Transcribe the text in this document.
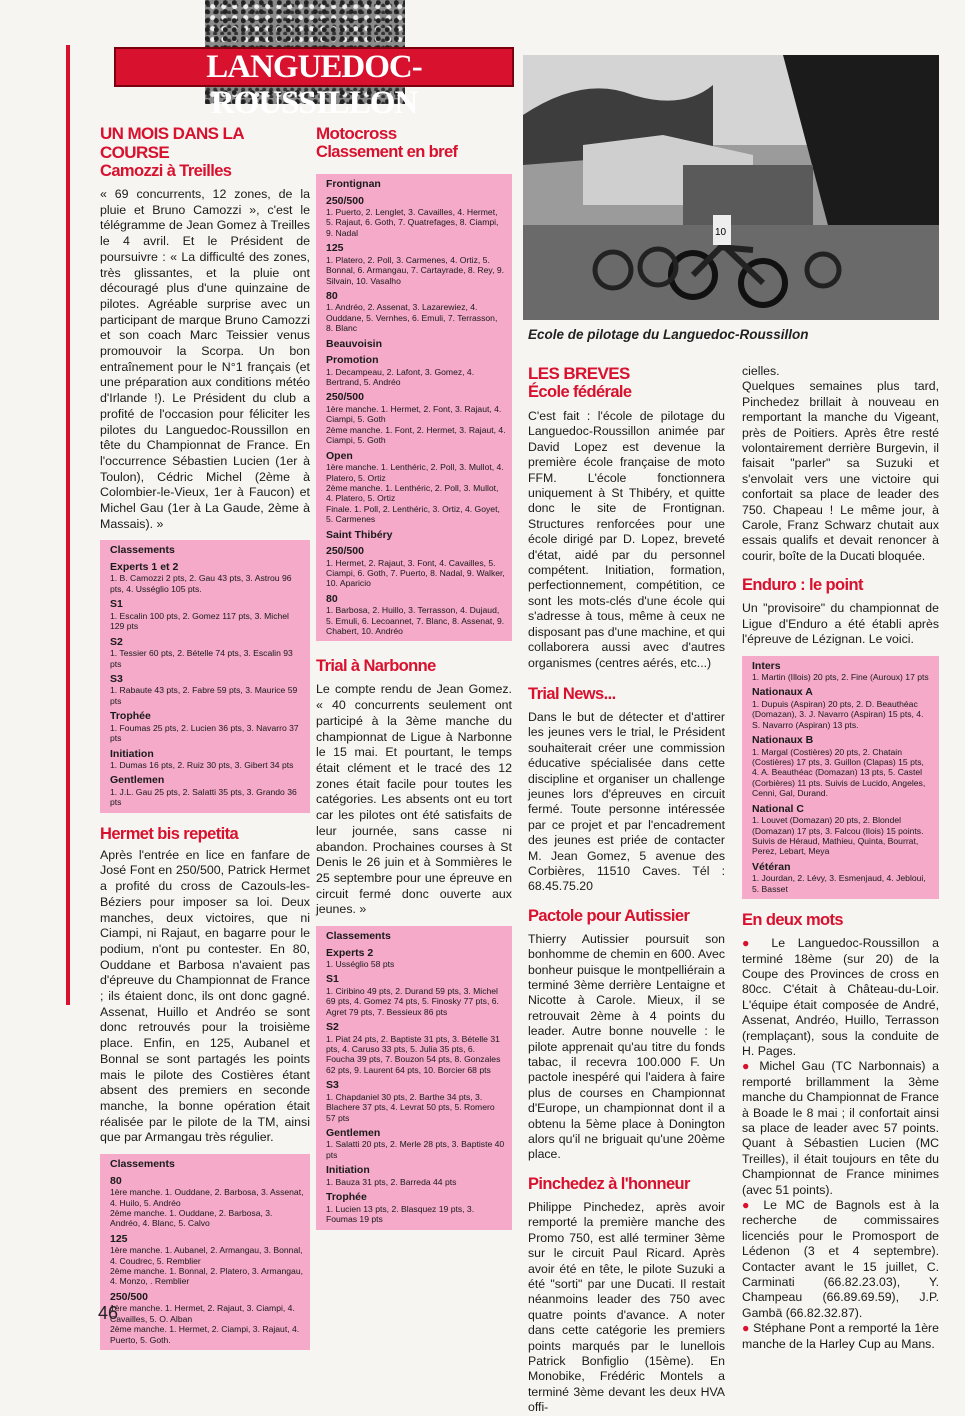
LANGUEDOC-ROUSSILLON
UN MOIS DANS LA COURSE
Camozzi à Treilles

« 69 concurrents, 12 zones, de la pluie et Bruno Camozzi », c'est le télégramme de Jean Gomez à Treilles le 4 avril. Et le Président de poursuivre : « La difficulté des zones, très glissantes, et la pluie ont découragé plus d'une quinzaine de pilotes. Agréable surprise avec un participant de marque Bruno Camozzi et son coach Marc Teissier venus promouvoir la Scorpa. Un bon entraînement pour le N°1 français (et une préparation aux conditions météo d'Irlande !). Le Président du club a profité de l'occasion pour féliciter les pilotes du Languedoc-Roussillon en tête du Championnat de France. En l'occurrence Sébastien Lucien (1er à Toulon), Cédric Michel (2ème à Colombier-le-Vieux, 1er à Faucon) et Michel Gau (1er à La Gaude, 2ème à Massais). »

Classements
Experts 1 et 2
1. B. Camozzi 2 pts, 2. Gau 43 pts, 3. Astrou 96 pts, 4. Usséglio 105 pts.
S1
1. Escalin 100 pts, 2. Gomez 117 pts, 3. Michel 129 pts
S2
1. Tessier 60 pts, 2. Bételle 74 pts, 3. Escalin 93 pts
S3
1. Rabaute 43 pts, 2. Fabre 59 pts, 3. Maurice 59 pts
Trophée
1. Foumas 25 pts, 2. Lucien 36 pts, 3. Navarro 37 pts
Initiation
1. Dumas 16 pts, 2. Ruiz 30 pts, 3. Gibert 34 pts
Gentlemen
1. J.L. Gau 25 pts, 2. Salatti 35 pts, 3. Grando 36 pts
Hermet bis repetita

Après l'entrée en lice en fanfare de José Font en 250/500, Patrick Hermet a profité du cross de Cazouls-les-Béziers pour imposer sa loi. Deux manches, deux victoires, que ni Ciampi, ni Rajaut, en bagarre pour le podium, n'ont pu contester. En 80, Ouddane et Barbosa n'avaient pas d'épreuve du Championnat de France ; ils étaient donc, ils ont donc gagné. Assenat, Huillo et Andréo se sont donc retrouvés pour la troisième place. Enfin, en 125, Aubanel et Bonnal se sont partagés les points mais le pilote des Costières étant absent des premiers en seconde manche, la bonne opération était réalisée par le pilote de la TM, ainsi que par Armangau très régulier.

Classements
80
1ère manche. 1. Ouddane, 2. Barbosa, 3. Assenat, 4. Huilo, 5. Andréo
2ème manche. 1. Ouddane, 2. Barbosa, 3. Andréo, 4. Blanc, 5. Calvo
125
1ère manche. 1. Aubanel, 2. Armangau, 3. Bonnal, 4. Coudrec, 5. Remblier
2ème manche. 1. Bonnal, 2. Platero, 3. Armangau, 4. Monzo, . Remblier
250/500
1ère manche. 1. Hermet, 2. Rajaut, 3. Ciampi, 4. Cavailles, 5. O. Alban
2ème manche. 1. Hermet, 2. Ciampi, 3. Rajaut, 4. Puerto, 5. Goth.
Motocross
Classement en bref
Frontignan
250/500
1. Puerto, 2. Lenglet, 3. Cavailles, 4. Hermet, 5. Rajaut, 6. Goth, 7. Quatrefages, 8. Ciampi, 9. Nadal
125
1. Platero, 2. Poll, 3. Carmenes, 4. Ortiz, 5. Bonnal, 6. Armangau, 7. Cartayrade, 8. Rey, 9. Silvain, 10. Vasalho
80
1. Andréo, 2. Assenat, 3. Lazarewiez, 4. Ouddane, 5. Vernhes, 6. Emuli, 7. Terrasson, 8. Blanc
Beauvoisin
Promotion
1. Decampeau, 2. Lafont, 3. Gomez, 4. Bertrand, 5. Andréo
250/500
1ère manche. 1. Hermet, 2. Font, 3. Rajaut, 4. Ciampi, 5. Goth
2ème manche. 1. Font, 2. Hermet, 3. Rajaut, 4. Ciampi, 5. Goth
Open
1ère manche. 1. Lenthéric, 2. Poll, 3. Mullot, 4. Platero, 5. Ortiz
2ème manche. 1. Lenthéric, 2. Poll, 3. Mullot, 4. Platero, 5. Ortiz
Finale. 1. Poll, 2. Lenthéric, 3. Ortiz, 4. Goyet, 5. Carmenes
Saint Thibéry
250/500
1. Hermet, 2. Rajaut, 3. Font, 4. Cavailles, 5. Ciampi, 6. Goth, 7. Puerto, 8. Nadal, 9. Walker, 10. Aparicio
80
1. Barbosa, 2. Huillo, 3. Terrasson, 4. Dujaud, 5. Emuli, 6. Lecoannet, 7. Blanc, 8. Assenat, 9. Chabert, 10. Andréo
Trial à Narbonne

Le compte rendu de Jean Gomez. « 40 concurrents seulement ont participé à la 3ème manche du championnat de Ligue à Narbonne le 15 mai. Et pourtant, le temps était clément et le tracé des 12 zones était facile pour toutes les catégories. Les absents ont eu tort car les pilotes ont été satisfaits de leur journée, sans casse ni abandon. Prochaines courses à St Denis le 26 juin et à Sommières le 25 septembre pour une épreuve en circuit fermé donc ouverte aux jeunes. »

Classements
Experts 2
1. Usséglio 58 pts
S1
1. Ciribino 49 pts, 2. Durand 59 pts, 3. Michel 69 pts, 4. Gomez 74 pts, 5. Finosky 77 pts, 6. Agret 79 pts, 7. Bessieux 86 pts
S2
1. Piat 24 pts, 2. Baptiste 31 pts, 3. Bételle 31 pts, 4. Caruso 33 pts, 5. Julia 35 pts, 6. Foucha 39 pts, 7. Bouzon 54 pts, 8. Gonzales 62 pts, 9. Laurent 64 pts, 10. Borcier 68 pts
S3
1. Chapdaniel 30 pts, 2. Barthe 34 pts, 3. Blachere 37 pts, 4. Levrat 50 pts, 5. Romero 57 pts
Gentlemen
1. Salatti 20 pts, 2. Merle 28 pts, 3. Baptiste 40 pts
Initiation
1. Bauza 31 pts, 2. Barreda 44 pts
Trophée
1. Lucien 13 pts, 2. Blasquez 19 pts, 3. Foumas 19 pts
10
Ecole de pilotage du Languedoc-Roussillon
LES BREVES
École fédérale

C'est fait : l'école de pilotage du Languedoc-Roussillon animée par David Lopez est devenue la première école française de moto FFM. L'école fonctionnera uniquement à St Thibéry, et quitte donc le site de Frontignan. Structures renforcées pour une école dirigé par D. Lopez, breveté d'état, aidé par du personnel compétent. Initiation, formation, perfectionnement, compétition, ce sont les mots-clés d'une école qui s'adresse à tous, même à ceux ne disposant pas d'une machine, et qui collaborera aussi avec d'autres organismes (centres aérés, etc...)

Trial News...

Dans le but de détecter et d'attirer les jeunes vers le trial, le Président souhaiterait créer une commission éducative spécialisée dans cette discipline et organiser un challenge jeunes lors d'épreuves en circuit fermé. Toute personne intéressée par ce projet et par l'encadrement des jeunes est priée de contacter M. Jean Gomez, 5 avenue des Corbières, 11510 Caves. Tél : 68.45.75.20

Pactole pour Autissier

Thierry Autissier poursuit son bonhomme de chemin en 600. Avec bonheur puisque le montpelliérain a terminé 3ème derrière Lentaigne et Nicotte à Carole. Mieux, il se retrouvait 2ème à 4 points du leader. Autre bonne nouvelle : le pilote apprenait qu'au titre du fonds tabac, il recevra 100.000 F. Un pactole inespéré qui l'aidera à faire plus de courses en Championnat d'Europe, un championnat dont il a obtenu la 5ème place à Donington alors qu'il ne briguait qu'une 20ème place.

Pinchedez à l'honneur

Philippe Pinchedez, après avoir remporté la première manche des Promo 750, est allé terminer 3ème sur le circuit Paul Ricard. Après avoir été en tête, le pilote Suzuki a été "sorti" par une Ducati. Il restait néanmoins leader des 750 avec quatre points d'avance. A noter dans cette catégorie les premiers points marqués par le lunellois Patrick Bonfiglio (15ème). En Monobike, Frédéric Montels a terminé 3ème devant les deux HVA offi-

cielles.
Quelques semaines plus tard, Pinchedez brillait à nouveau en remportant la manche du Vigeant, près de Poitiers. Après être resté volontairement derrière Burgevin, il faisait "parler" sa Suzuki et s'envolait vers une victoire qui confortait sa place de leader des 750. Chapeau ! Le même jour, à Carole, Franz Schwarz chutait aux essais qualifs et devait renoncer à courir, boîte de la Ducati bloquée.

Enduro : le point

Un "provisoire" du championnat de Ligue d'Enduro a été établi après l'épreuve de Lézignan. Le voici.

Inters
1. Martin (Illois) 20 pts, 2. Fine (Auroux) 17 pts
Nationaux A
1. Dupuis (Aspiran) 20 pts, 2. D. Beauthéac (Domazan), 3. J. Navarro (Aspiran) 15 pts, 4. S. Navarro (Aspiran) 13 pts.
Nationaux B
1. Margal (Costières) 20 pts, 2. Chatain (Costières) 17 pts, 3. Guillon (Clapas) 15 pts, 4. A. Beauthéac (Domazan) 13 pts, 5. Castel (Corbières) 11 pts. Suivis de Lucido, Angeles, Cenni, Gal, Durand.
National C
1. Louvet (Domazan) 20 pts, 2. Blondel (Domazan) 17 pts, 3. Falcou (Ilois) 15 points. Suivis de Héraud, Mathieu, Quinta, Bourrat, Perez, Lebart, Meya
Vétéran
1. Jourdan, 2. Lévy, 3. Esmenjaud, 4. Jebloui, 5. Basset
En deux mots

● Le Languedoc-Roussillon a terminé 18ème (sur 20) de la Coupe des Provinces de cross en 80cc. C'était à Château-du-Loir. L'équipe était composée de André, Assenat, Andréo, Huillo, Terrasson (remplaçant), sous la conduite de H. Pages.

● Michel Gau (TC Narbonnais) a remporté brillamment la 3ème manche du Championnat de France à Boade le 8 mai ; il confortait ainsi sa place de leader avec 57 points. Quant à Sébastien Lucien (MC Treilles), il était toujours en tête du Championnat de France minimes (avec 51 points).

● Le MC de Bagnols est à la recherche de commissaires licenciés pour le Promosport de Lédenon (3 et 4 septembre). Contacter avant le 15 juillet, C. Carminati (66.82.23.03), Y. Champeau (66.89.69.59), J.P. Gambā (66.82.32.87).

● Stéphane Pont a remporté la 1ère manche de la Harley Cup au Mans.

46
